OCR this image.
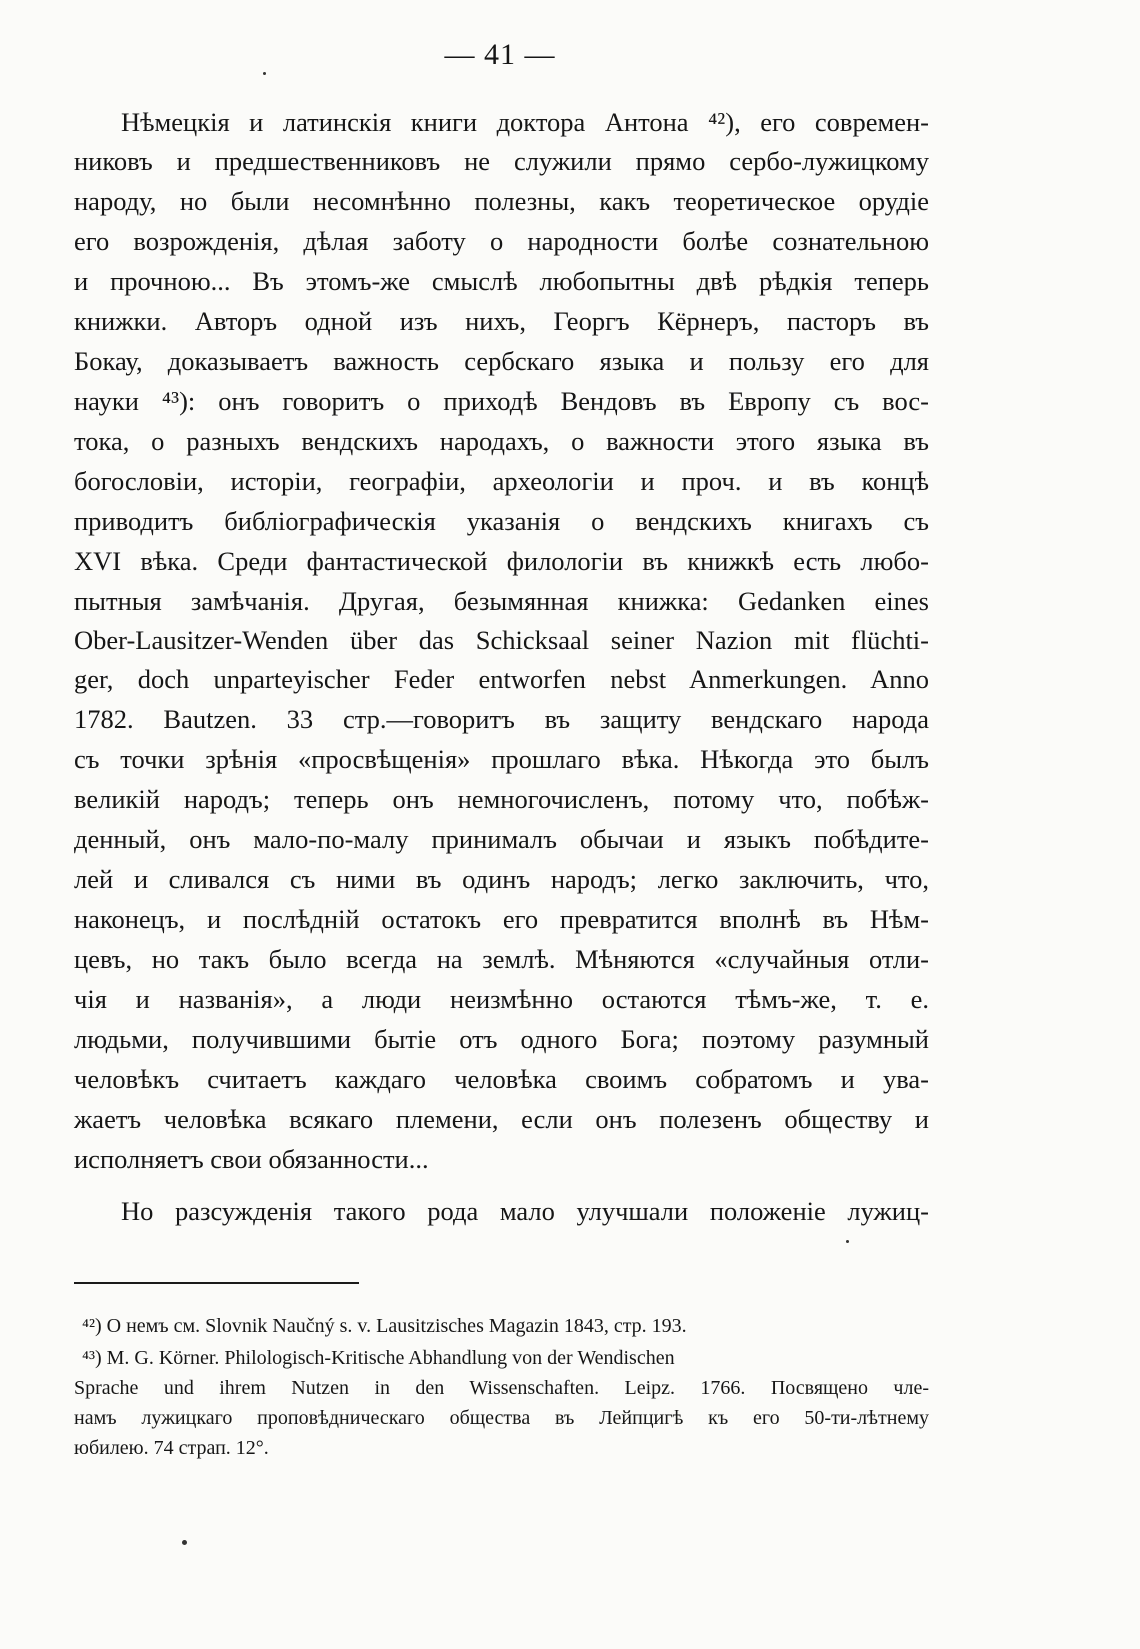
— 41 —
Нѣмецкія и латинскія книги доктора Антона ⁴²), его современ-
никовъ и предшественниковъ не служили прямо сербо-лужицкому
народу, но были несомнѣнно полезны, какъ теоретическое орудіе
его возрожденія, дѣлая заботу о народности болѣе сознательною
и прочною... Въ этомъ-же смыслѣ любопытны двѣ рѣдкія теперь
книжки. Авторъ одной изъ нихъ, Георгъ Кёрнеръ, пасторъ въ
Бокау, доказываетъ важность сербскаго языка и пользу его для
науки ⁴³): онъ говоритъ о приходѣ Вендовъ въ Европу съ вос-
тока, о разныхъ вендскихъ народахъ, о важности этого языка въ
богословіи, исторіи, географіи, археологіи и проч. и въ концѣ
приводитъ библіографическія указанія о вендскихъ книгахъ съ
XVI вѣка. Среди фантастической филологіи въ книжкѣ есть любо-
пытныя замѣчанія. Другая, безымянная книжка: Gedanken eines
Ober-Lausitzer-Wenden über das Schicksaal seiner Nazion mit flüchti-
ger, doch unparteyischer Feder entworfen nebst Anmerkungen. Anno
1782. Bautzen. 33 стр.—говоритъ въ защиту вендскаго народа
съ точки зрѣнія «просвѣщенія» прошлаго вѣка. Нѣкогда это былъ
великій народъ; теперь онъ немногочисленъ, потому что, побѣж-
денный, онъ мало-по-малу принималъ обычаи и языкъ побѣдите-
лей и сливался съ ними въ одинъ народъ; легко заключить, что,
наконецъ, и послѣдній остатокъ его превратится вполнѣ въ Нѣм-
цевъ, но такъ было всегда на землѣ. Мѣняются «случайныя отли-
чія и названія», а люди неизмѣнно остаются тѣмъ-же, т. е.
людьми, получившими бытіе отъ одного Бога; поэтому разумный
человѣкъ считаетъ каждаго человѣка своимъ собратомъ и ува-
жаетъ человѣка всякаго племени, если онъ полезенъ обществу и
исполняетъ свои обязанности...
Но разсужденія такого рода мало улучшали положеніе лужиц-
⁴²) О немъ см. Slovnik Naučný s. v. Lausitzisches Magazin 1843, стр. 193.
⁴³) M. G. Körner. Philologisch-Kritische Abhandlung von der Wendischen
Sprache und ihrem Nutzen in den Wissenschaften. Leipz. 1766. Посвящено чле-
намъ лужицкаго проповѣдническаго общества въ Лейпцигѣ къ его 50-ти-лѣтнему
юбилею. 74 страп. 12°.
